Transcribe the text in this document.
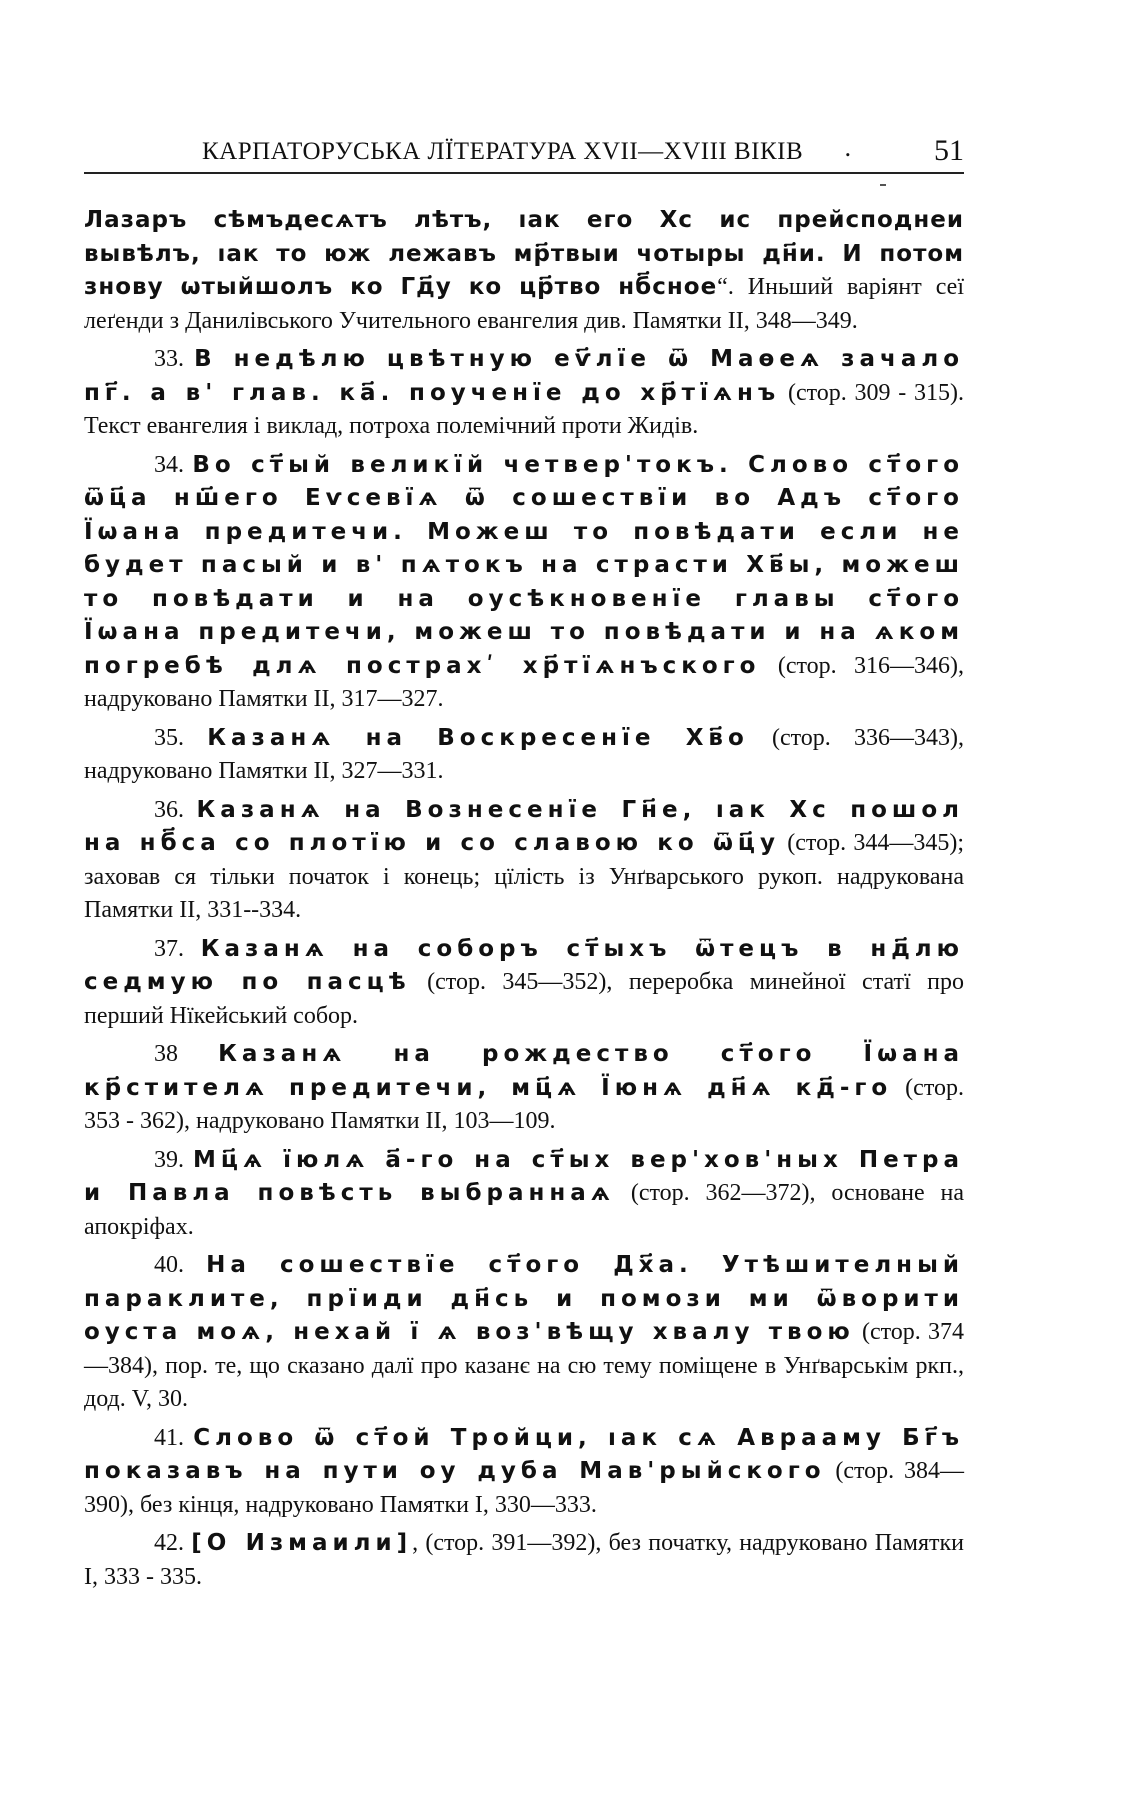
КАРПАТОРУСЬКА ЛЇТЕРАТУРА XVII—XVIII ВІКІВ .	51

Лазаръ сѣмъдесѧтъ лѣтъ, ıак его Хс ис прейсподнеи вывѣлъ, ıак то юж лежавъ мр҃твыи чотыры дн҃и. И потом знову ѡтыйшолъ ко Гд҃у ко цр҃тво нб҃сное“. Иньший варіянт сеї леґенди з Данилівського Учительного евангелия див. Памятки II, 348—349.

33. В недѣлю цвѣтную еѵ҃лїе ѿ Маѳеѧ зачало пг҃. а в' глав. ка҃. поученїе до хр҃тїѧнъ (стор. 309 - 315). Текст евангелия і виклад, потроха полемічний проти Жидів.

34. Во ст҃ый великїй четвер'токъ. Слово ст҃ого ѿц҃а нш҃его Еѵсевїѧ ѿ сошествїи во Адъ ст҃ого Їѡана предитечи. Можеш то повѣдати если не будет пасый и в' пѧтокъ на страсти Хв҃ы, можеш то повѣдати и на оусѣкновенїе главы ст҃ого Їѡана предитечи, можеш то повѣдати и на ѧком погребѣ длѧ пострахʹ хр҃тїѧнъского (стор. 316—346), надруковано Памятки II, 317—327.

35. Казанѧ на Воскресенїе Хв҃о (стор. 336—343), надруковано Памятки II, 327—331.

36. Казанѧ на Вознесенїе Гн҃е, ıак Хс пошол на нб҃са со плотїю и со славою ко ѿц҃у (стор. 344—345); заховав ся тільки початок і конець; цїлість із Унґварського рукоп. надрукована Памятки II, 331--334.

37. Казанѧ на соборъ ст҃ыхъ ѿтецъ в нд҃лю седмую по пасцѣ (стор. 345—352), переробка минейної статї про перший Нїкейський собор.

38 Казанѧ на рождество ст҃ого Їѡана кр҃стителѧ предитечи, мц҃ѧ Їюнѧ дн҃ѧ кд҃-го (стор. 353 - 362), надруковано Памятки II, 103—109.

39. Мц҃ѧ їюлѧ а҃-го на ст҃ых вер'хов'ных Петра и Павла повѣсть выбраннаѧ (стор. 362—372), основане на апокріфах.

40. На сошествїе ст҃ого Дх҃а. Утѣшителный параклите, прїиди дн҃сь и помози ми ѿворити оуста моѧ, нехай ї ѧ воз'вѣщу хвалу твою (стор. 374—384), пор. те, що сказано далї про казанє на сю тему поміщене в Унґварськім ркп., дод. V, 30.

41. Слово ѿ ст҃ой Тройци, ıак сѧ Аврааму Бг҃ъ показавъ на пути оу дуба Мав'рыйского (стор. 384—390), без кінця, надруковано Памятки I, 330—333.

42. [О Измаили], (стор. 391—392), без початку, надруковано Памятки I, 333 - 335.
